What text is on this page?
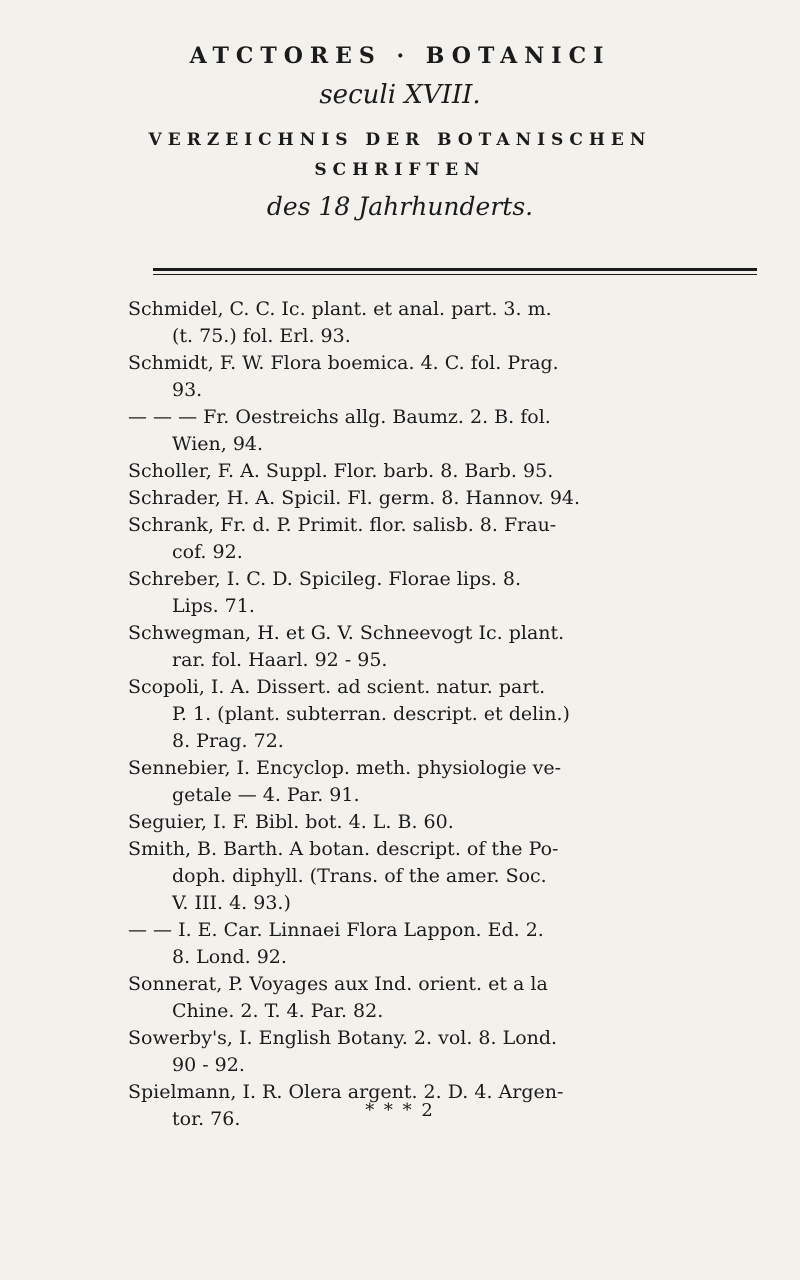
ATCTORES · BOTANICI
seculi XVIII.
VERZEICHNIS DER BOTANISCHEN
SCHRIFTEN
des 18 Jahrhunderts.
Schmidel, C. C. Ic. plant. et anal. part. 3. m.
(t. 75.) fol. Erl. 93.
Schmidt, F. W. Flora boemica. 4. C. fol. Prag.
93.
— — — Fr. Oestreichs allg. Baumz. 2. B. fol.
Wien, 94.
Scholler, F. A. Suppl. Flor. barb. 8. Barb. 95.
Schrader, H. A. Spicil. Fl. germ. 8. Hannov. 94.
Schrank, Fr. d. P. Primit. flor. salisb. 8. Frau-
cof. 92.
Schreber, I. C. D. Spicileg. Florae lips. 8.
Lips. 71.
Schwegman, H. et G. V. Schneevogt Ic. plant.
rar. fol. Haarl. 92 - 95.
Scopoli, I. A. Dissert. ad scient. natur. part.
P. 1. (plant. subterran. descript. et delin.)
8. Prag. 72.
Sennebier, I. Encyclop. meth. physiologie ve-
getale — 4. Par. 91.
Seguier, I. F. Bibl. bot. 4. L. B. 60.
Smith, B. Barth. A botan. descript. of the Po-
doph. diphyll. (Trans. of the amer. Soc.
V. III. 4. 93.)
— — I. E. Car. Linnaei Flora Lappon. Ed. 2.
8. Lond. 92.
Sonnerat, P. Voyages aux Ind. orient. et a la
Chine. 2. T. 4. Par. 82.
Sowerby's, I. English Botany. 2. vol. 8. Lond.
90 - 92.
Spielmann, I. R. Olera argent. 2. D. 4. Argen-
tor. 76.	* * * 2
